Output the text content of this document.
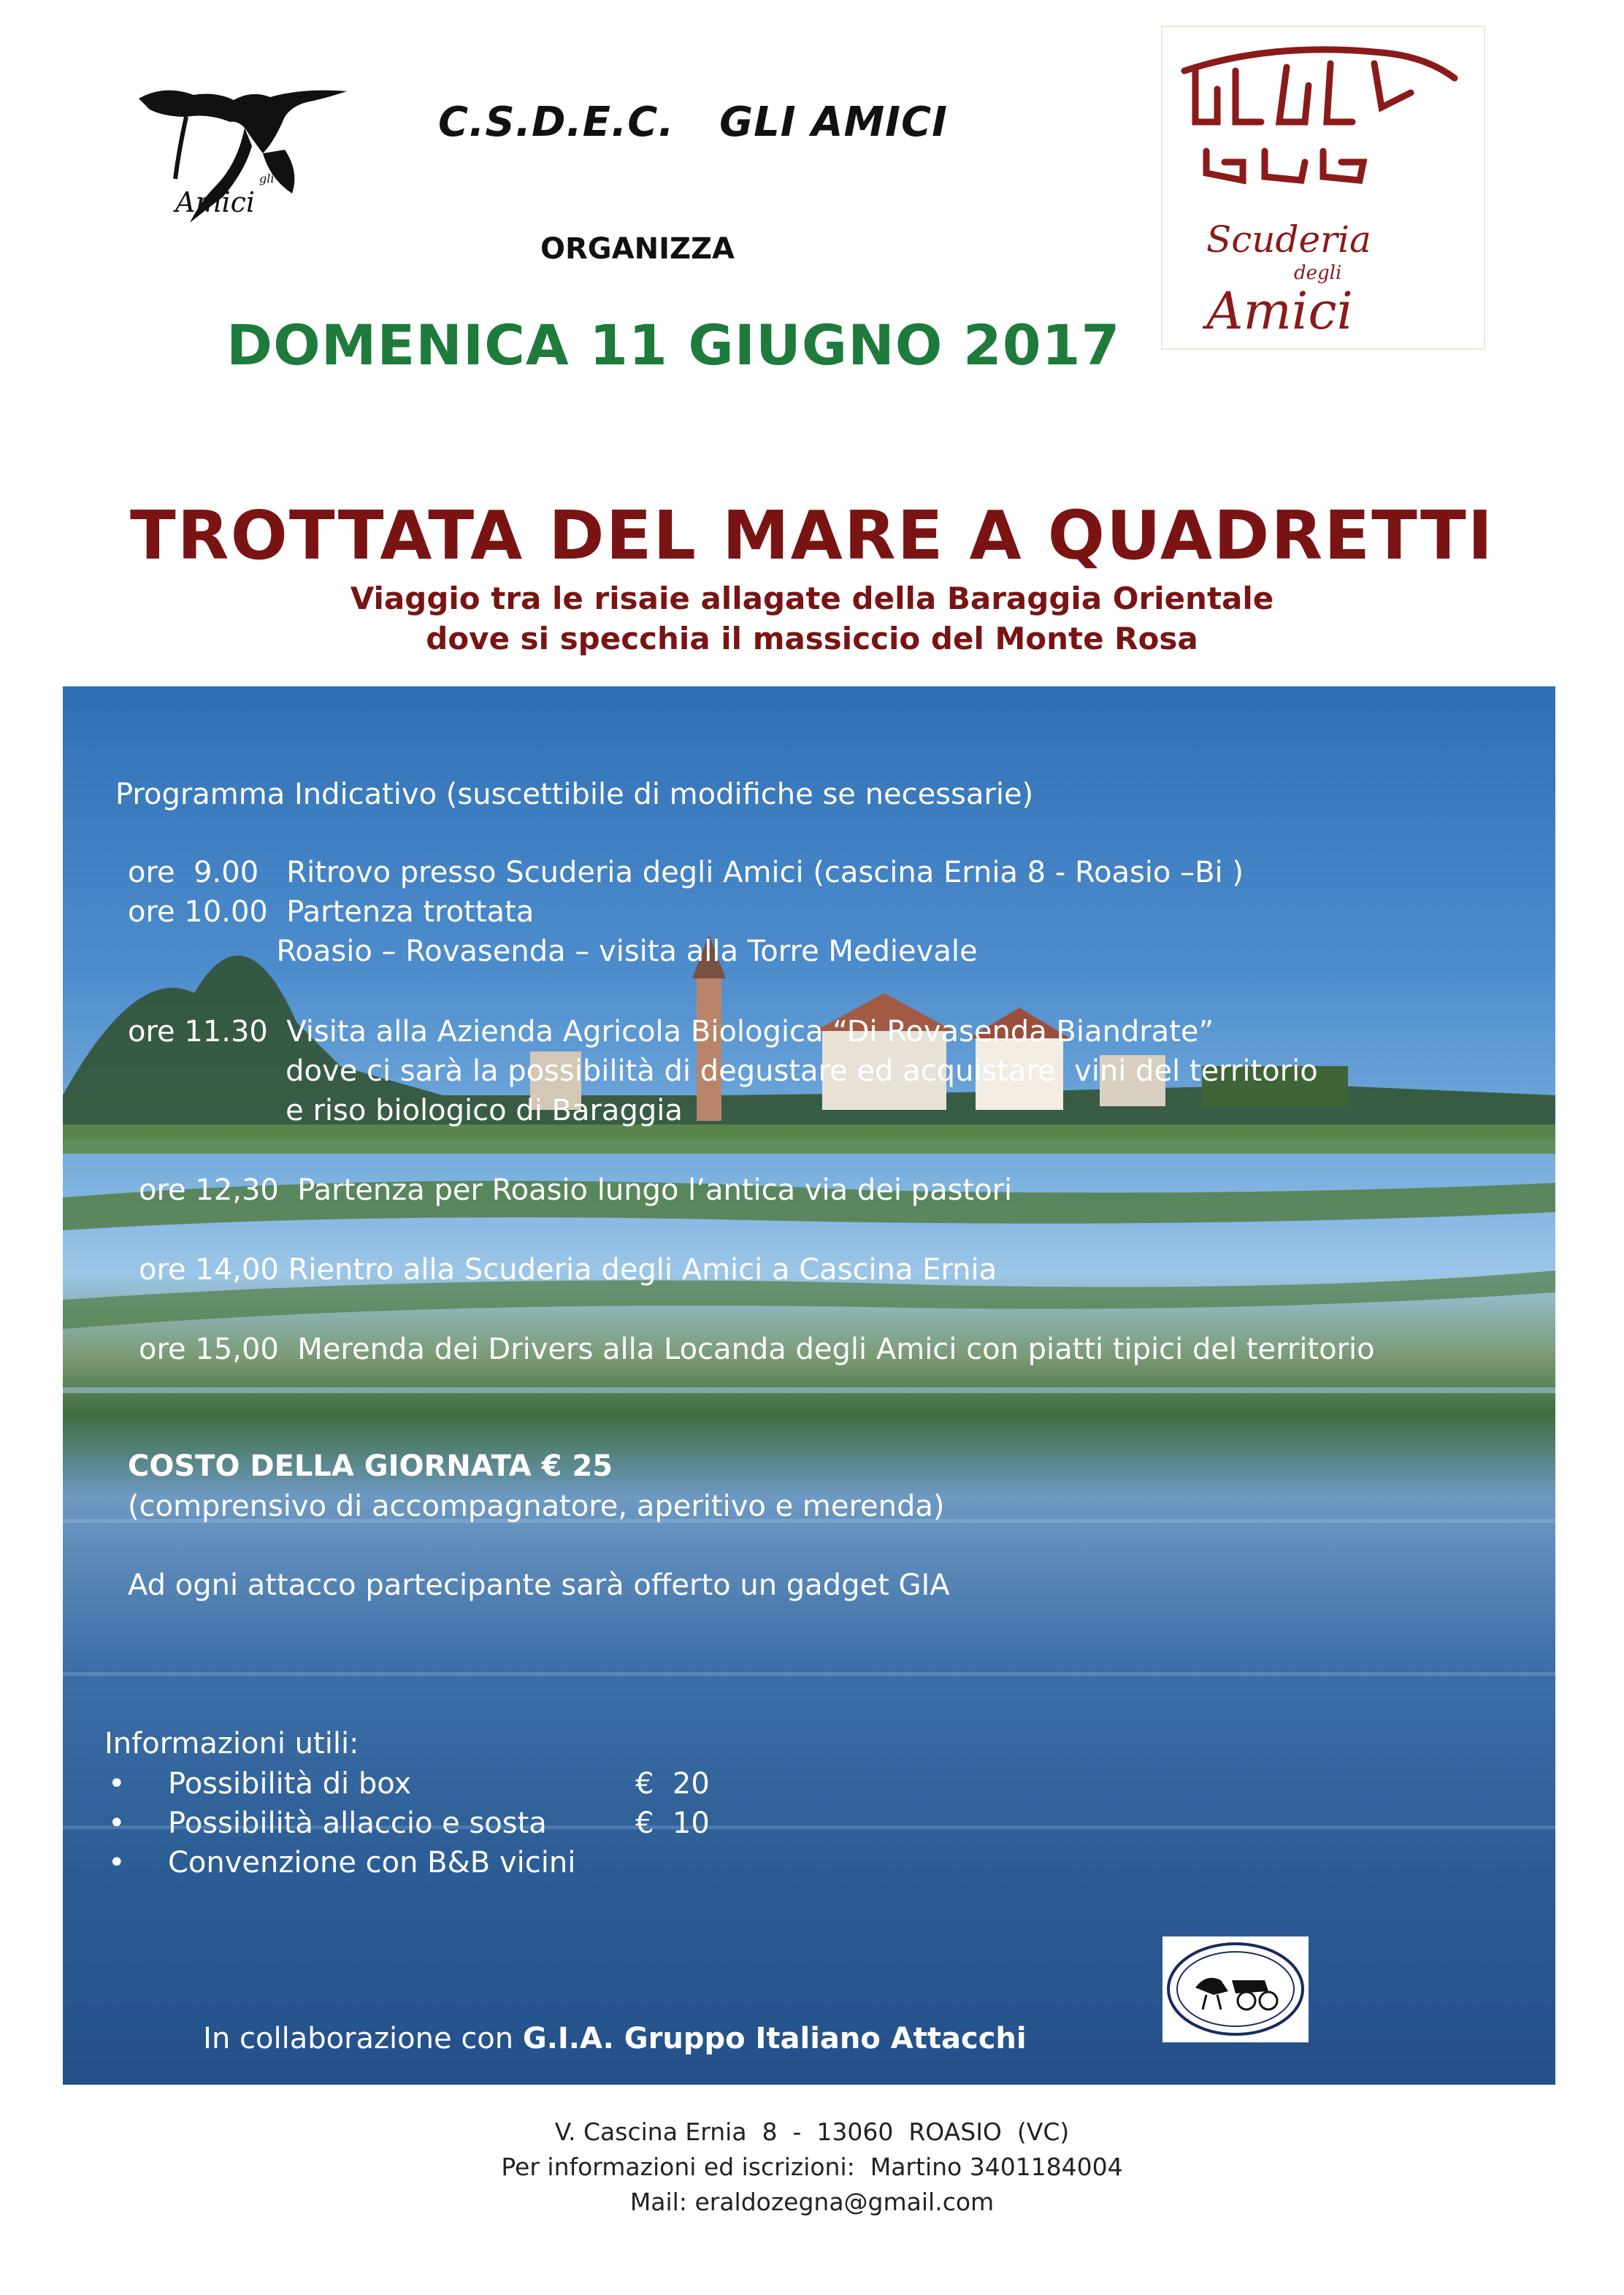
gli
Amici
C.S.D.E.C.   GLI AMICI
ORGANIZZA	Scuderia
degli
Amici
DOMENICA 11 GIUGNO 2017
TROTTATA DEL MARE A QUADRETTI
Viaggio tra le risaie allagate della Baraggia Orientale
dove si specchia il massiccio del Monte Rosa
Programma Indicativo (suscettibile di modifiche se necessarie)
ore  9.00   Ritrovo presso Scuderia degli Amici (cascina Ernia 8 - Roasio –Bi )
ore 10.00  Partenza trottata
Roasio – Rovasenda – visita alla Torre Medievale
ore 11.30  Visita alla Azienda Agricola Biologica “Di Rovasenda Biandrate”
dove ci sarà la possibilità di degustare ed acquistare  vini del territorio
e riso biologico di Baraggia
ore 12,30  Partenza per Roasio lungo l’antica via dei pastori
ore 14,00 Rientro alla Scuderia degli Amici a Cascina Ernia
ore 15,00  Merenda dei Drivers alla Locanda degli Amici con piatti tipici del territorio
COSTO DELLA GIORNATA € 25
(comprensivo di accompagnatore, aperitivo e merenda)
Ad ogni attacco partecipante sarà offerto un gadget GIA
Informazioni utili:
• Possibilità di box	€  20
• Possibilità allaccio e sosta	€  10
• Convenzione con B&B vicini

In collaborazione con G.I.A. Gruppo Italiano Attacchi

V. Cascina Ernia  8  -  13060  ROASIO  (VC)
Per informazioni ed iscrizioni:  Martino 3401184004
Mail: eraldozegna@gmail.com
